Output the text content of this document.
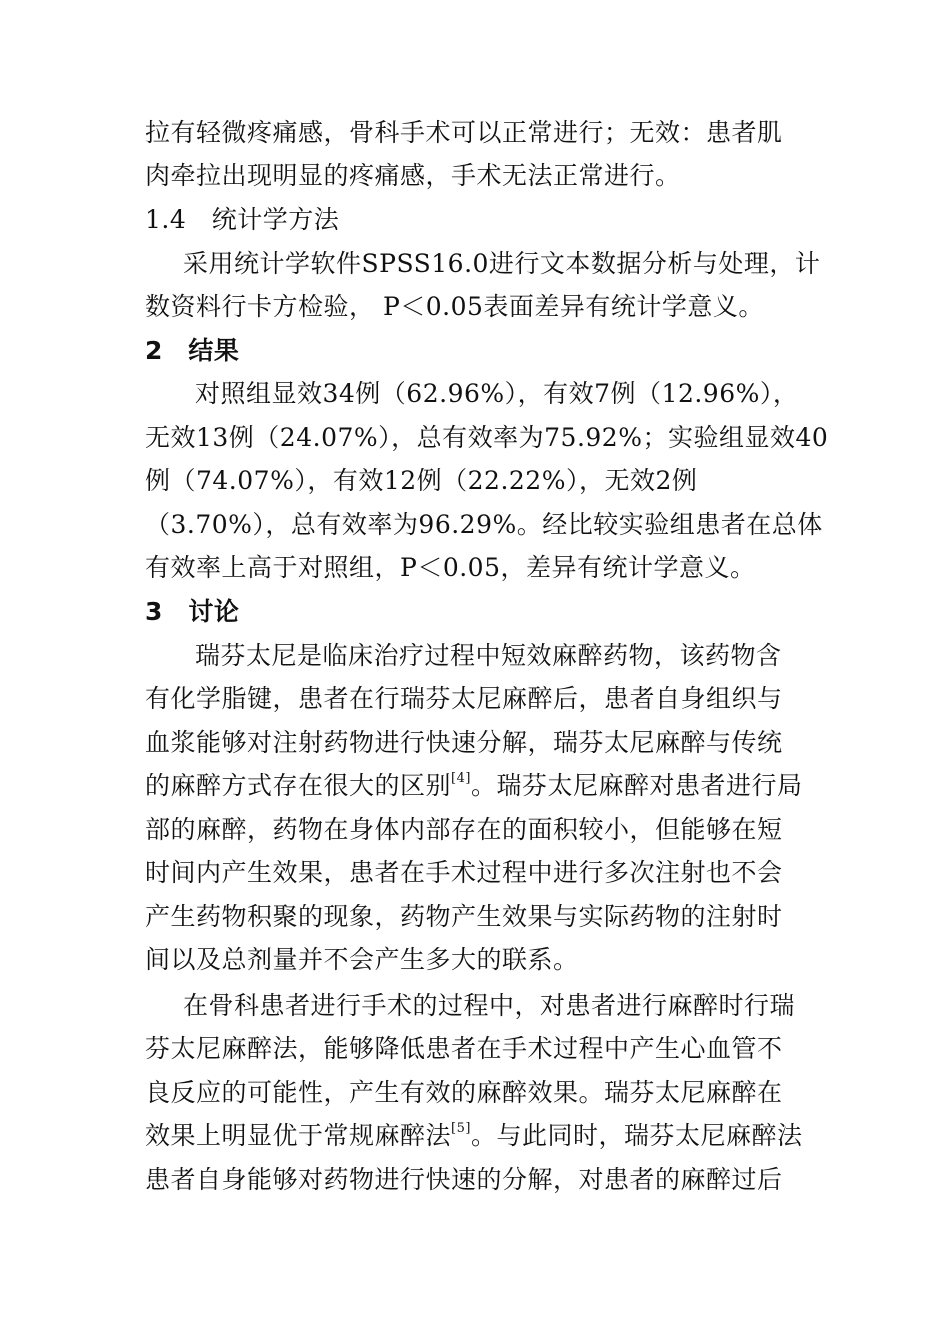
拉有轻微疼痛感，骨科手术可以正常进行；无效：患者肌
肉牵拉出现明显的疼痛感，手术无法正常进行。
1.4　统计学方法
采用统计学软件SPSS16.0进行文本数据分析与处理，计
数资料行卡方检验， P＜0.05表面差异有统计学意义。
2　结果
对照组显效34例（62.96%），有效7例（12.96%），
无效13例（24.07%），总有效率为75.92%；实验组显效40
例（74.07%），有效12例（22.22%），无效2例
（3.70%），总有效率为96.29%。经比较实验组患者在总体
有效率上高于对照组，P＜0.05，差异有统计学意义。
3　讨论
瑞芬太尼是临床治疗过程中短效麻醉药物，该药物含
有化学脂键，患者在行瑞芬太尼麻醉后，患者自身组织与
血浆能够对注射药物进行快速分解，瑞芬太尼麻醉与传统
的麻醉方式存在很大的区别[4]。瑞芬太尼麻醉对患者进行局
部的麻醉，药物在身体内部存在的面积较小，但能够在短
时间内产生效果，患者在手术过程中进行多次注射也不会
产生药物积聚的现象，药物产生效果与实际药物的注射时
间以及总剂量并不会产生多大的联系。
在骨科患者进行手术的过程中，对患者进行麻醉时行瑞
芬太尼麻醉法，能够降低患者在手术过程中产生心血管不
良反应的可能性，产生有效的麻醉效果。瑞芬太尼麻醉在
效果上明显优于常规麻醉法[5]。与此同时，瑞芬太尼麻醉法
患者自身能够对药物进行快速的分解，对患者的麻醉过后
